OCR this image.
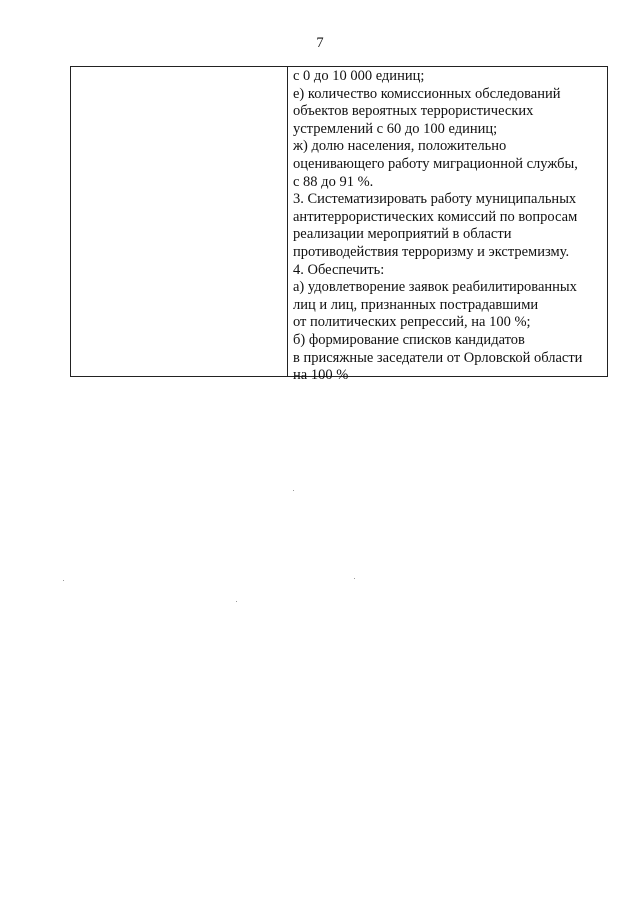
7
с 0 до 10 000 единиц;
е) количество комиссионных обследований
объектов вероятных террористических
устремлений с 60 до 100 единиц;
ж) долю населения, положительно
оценивающего работу миграционной службы,
с 88 до 91 %.
3. Систематизировать работу муниципальных
антитеррористических комиссий по вопросам
реализации мероприятий в области
противодействия терроризму и экстремизму.
4. Обеспечить:
а) удовлетворение заявок реабилитированных
лиц и лиц, признанных пострадавшими
от политических репрессий, на 100 %;
б) формирование списков кандидатов
в присяжные заседатели от Орловской области
на 100 %
